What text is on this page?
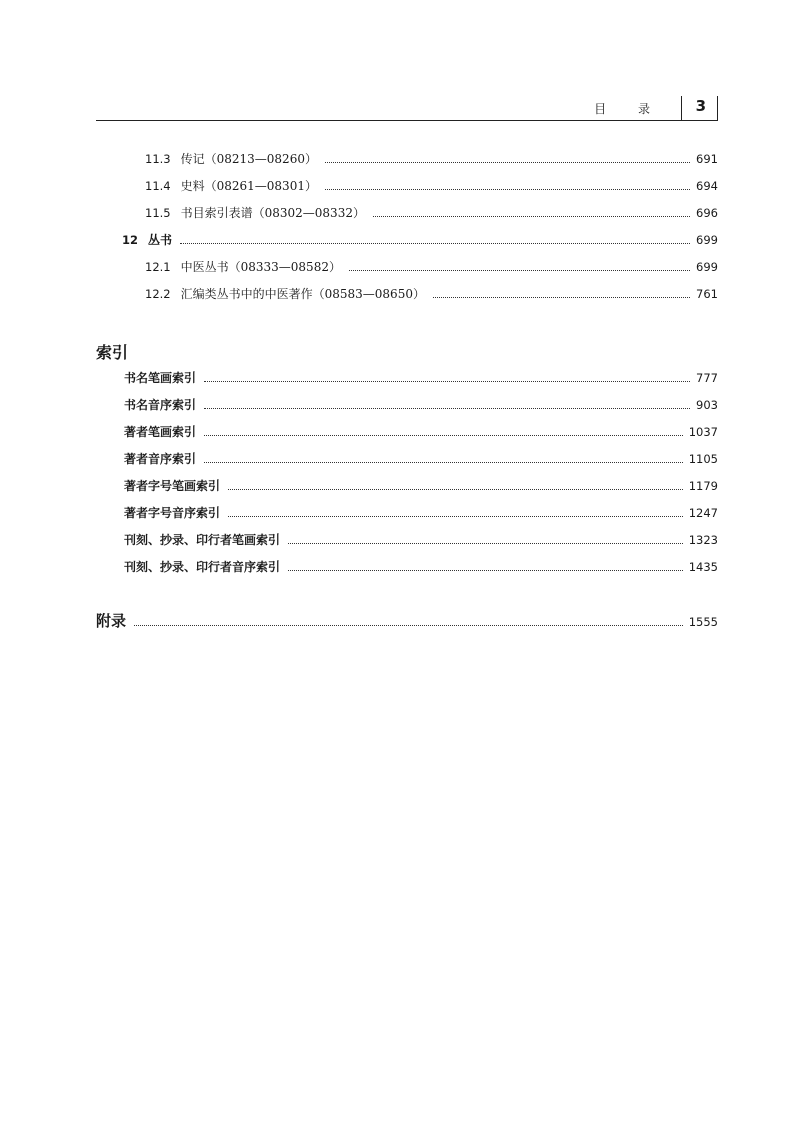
目 录 3
11.3 传记（08213—08260）	691
11.4 史料（08261—08301）	694
11.5 书目索引表谱（08302—08332）	696
12 丛书	699
12.1 中医丛书（08333—08582）	699
12.2 汇编类丛书中的中医著作（08583—08650）	761
索引
书名笔画索引	777
书名音序索引	903
著者笔画索引	1037
著者音序索引	1105
著者字号笔画索引	1179
著者字号音序索引	1247
刊刻、抄录、印行者笔画索引	1323
刊刻、抄录、印行者音序索引	1435
附录	1555
